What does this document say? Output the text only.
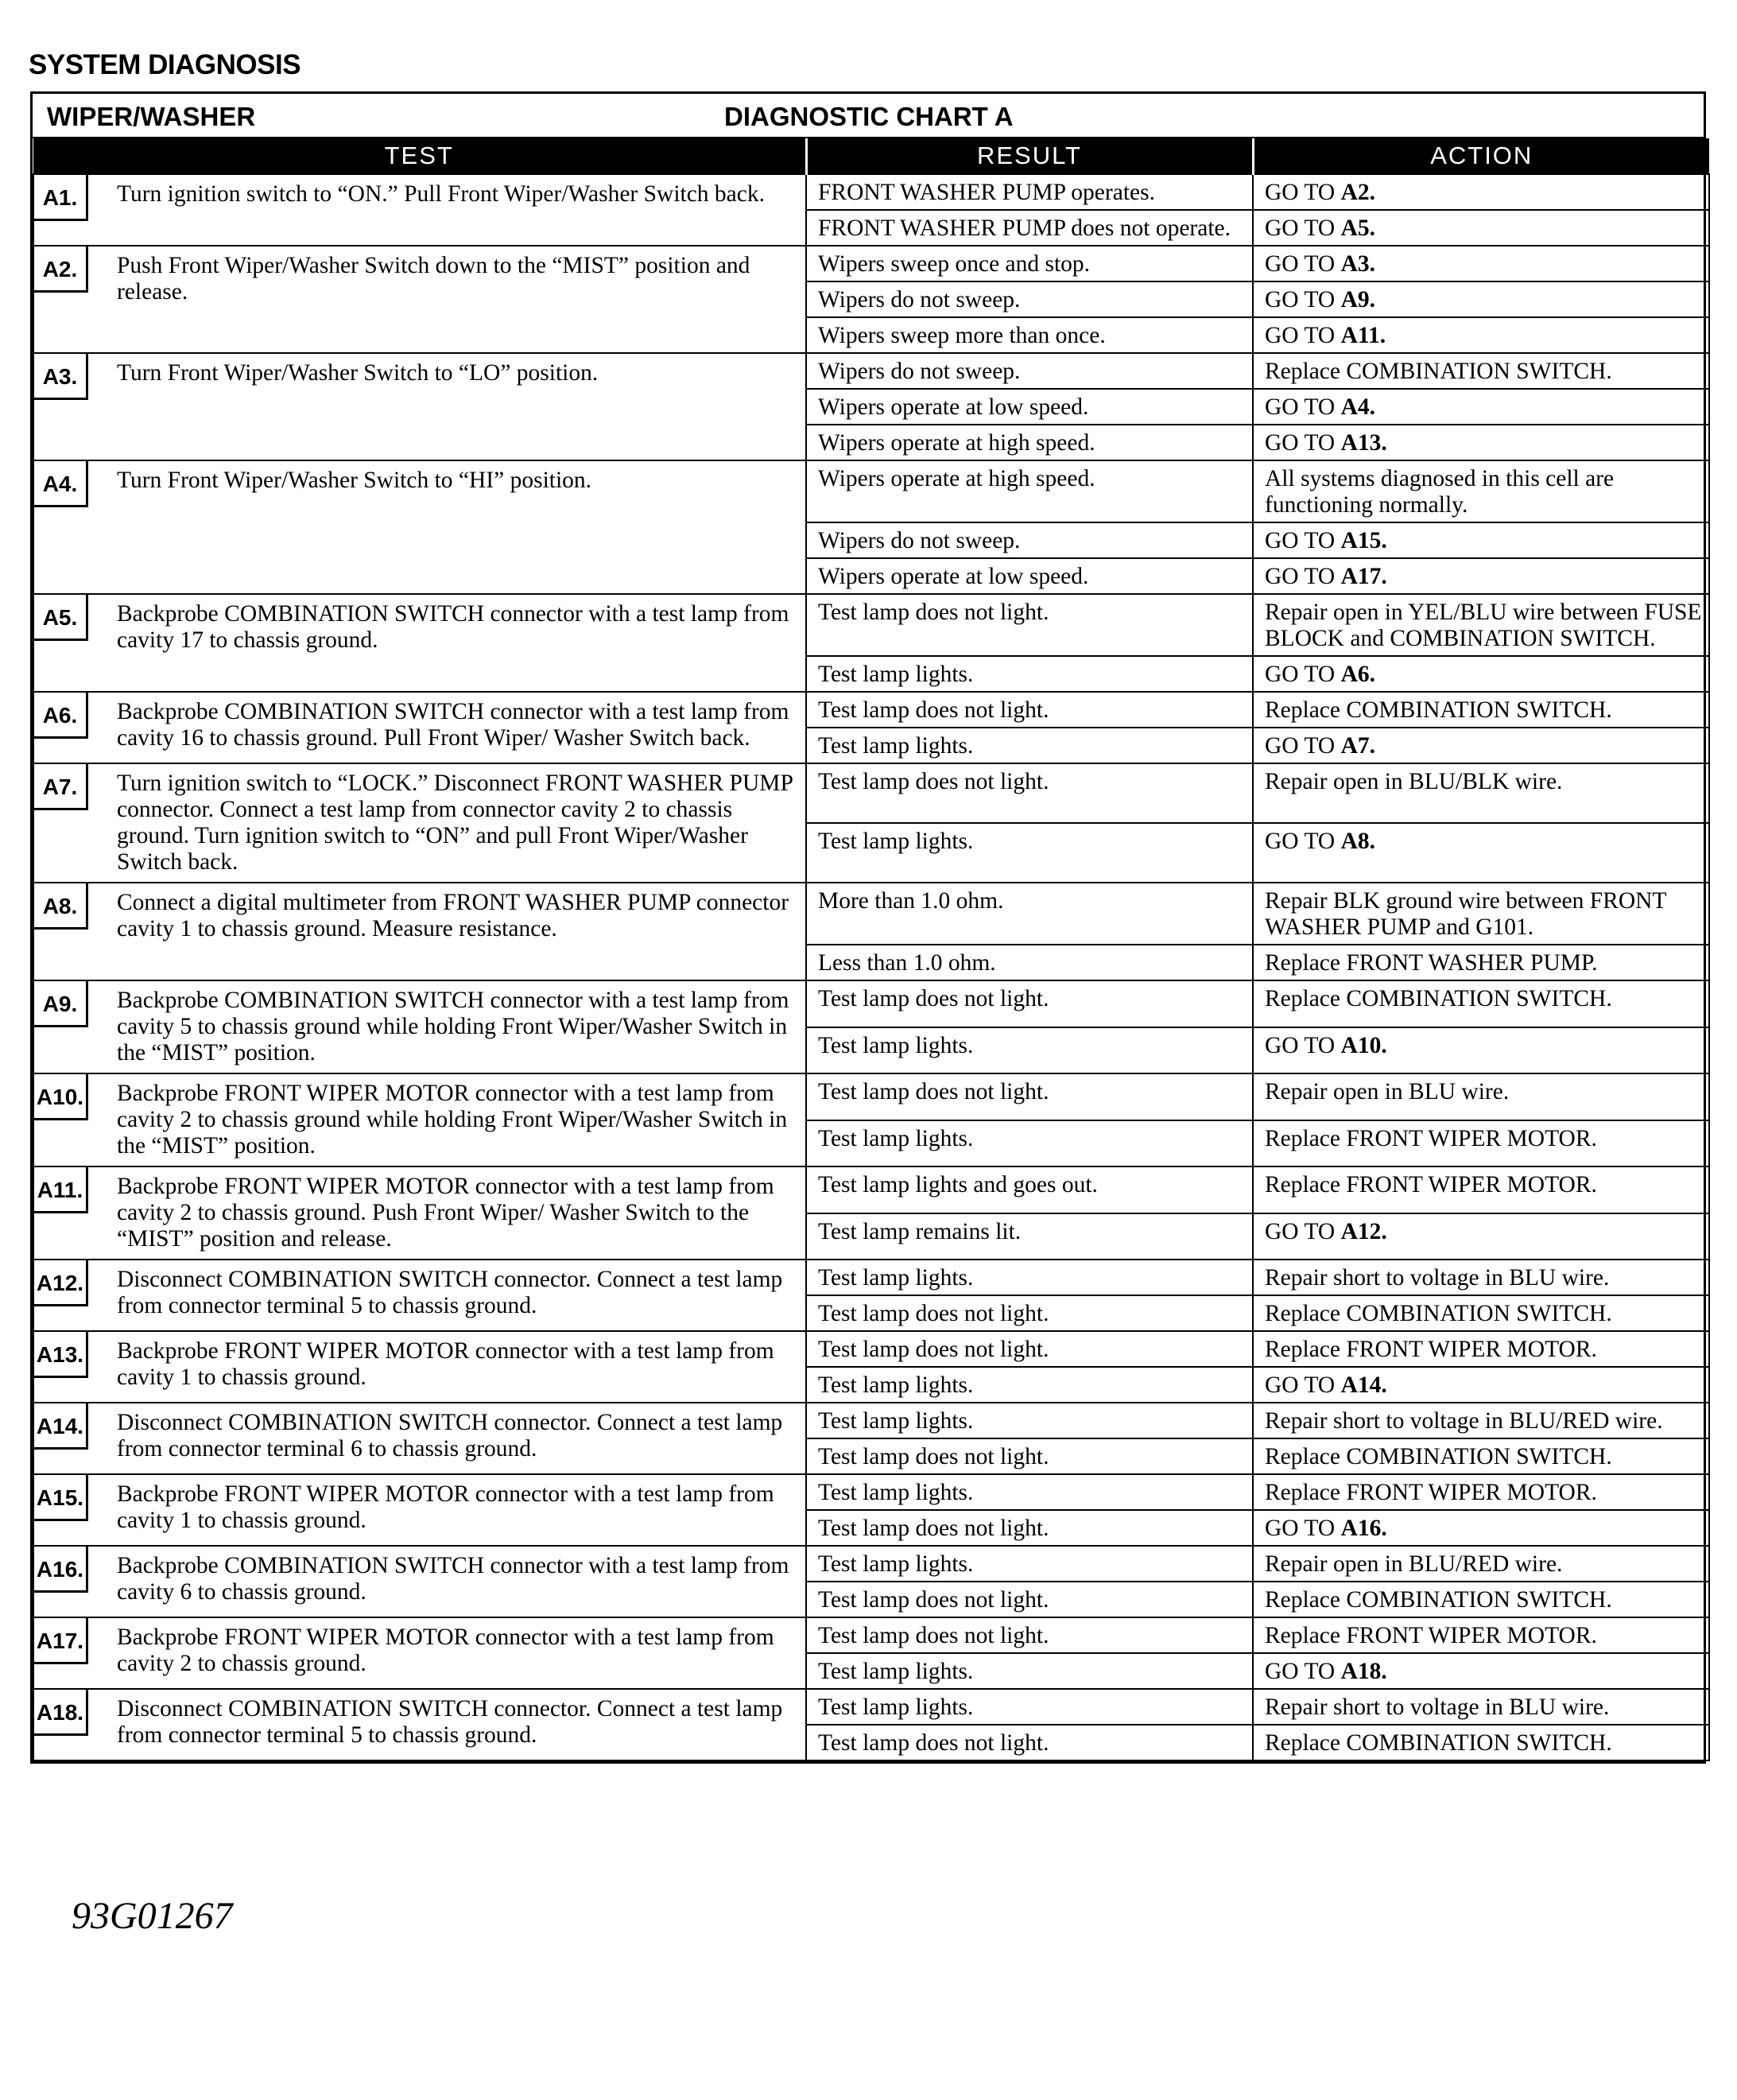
SYSTEM DIAGNOSIS
WIPER/WASHER	DIAGNOSTIC CHART A
TEST	RESULT	ACTION

A1. Turn ignition switch to “ON.” Pull Front Wiper/Washer Switch back.	FRONT WASHER PUMP operates.	GO TO A2.
	FRONT WASHER PUMP does not operate.	GO TO A5.

A2. Push Front Wiper/Washer Switch down to the “MIST” position and release.	Wipers sweep once and stop.	GO TO A3.
	Wipers do not sweep.	GO TO A9.
	Wipers sweep more than once.	GO TO A11.

A3. Turn Front Wiper/Washer Switch to “LO” position.	Wipers do not sweep.	Replace COMBINATION SWITCH.
	Wipers operate at low speed.	GO TO A4.
	Wipers operate at high speed.	GO TO A13.

A4. Turn Front Wiper/Washer Switch to “HI” position.	Wipers operate at high speed.	All systems diagnosed in this cell are functioning normally.
	Wipers do not sweep.	GO TO A15.
	Wipers operate at low speed.	GO TO A17.

A5. Backprobe COMBINATION SWITCH connector with a test lamp from cavity 17 to chassis ground.	Test lamp does not light.	Repair open in YEL/BLU wire between FUSE BLOCK and COMBINATION SWITCH.
	Test lamp lights.	GO TO A6.

A6. Backprobe COMBINATION SWITCH connector with a test lamp from cavity 16 to chassis ground. Pull Front Wiper/ Washer Switch back.	Test lamp does not light.	Replace COMBINATION SWITCH.
	Test lamp lights.	GO TO A7.

A7. Turn ignition switch to “LOCK.” Disconnect FRONT WASHER PUMP connector. Connect a test lamp from connector cavity 2 to chassis ground. Turn ignition switch to “ON” and pull Front Wiper/Washer Switch back.	Test lamp does not light.	Repair open in BLU/BLK wire.
	Test lamp lights.	GO TO A8.

A8. Connect a digital multimeter from FRONT WASHER PUMP connector cavity 1 to chassis ground. Measure resistance.	More than 1.0 ohm.	Repair BLK ground wire between FRONT WASHER PUMP and G101.
	Less than 1.0 ohm.	Replace FRONT WASHER PUMP.

A9. Backprobe COMBINATION SWITCH connector with a test lamp from cavity 5 to chassis ground while holding Front Wiper/Washer Switch in the “MIST” position.	Test lamp does not light.	Replace COMBINATION SWITCH.
	Test lamp lights.	GO TO A10.

A10. Backprobe FRONT WIPER MOTOR connector with a test lamp from cavity 2 to chassis ground while holding Front Wiper/Washer Switch in the “MIST” position.	Test lamp does not light.	Repair open in BLU wire.
	Test lamp lights.	Replace FRONT WIPER MOTOR.

A11. Backprobe FRONT WIPER MOTOR connector with a test lamp from cavity 2 to chassis ground. Push Front Wiper/ Washer Switch to the “MIST” position and release.	Test lamp lights and goes out.	Replace FRONT WIPER MOTOR.
	Test lamp remains lit.	GO TO A12.

A12. Disconnect COMBINATION SWITCH connector. Connect a test lamp from connector terminal 5 to chassis ground.	Test lamp lights.	Repair short to voltage in BLU wire.
	Test lamp does not light.	Replace COMBINATION SWITCH.

A13. Backprobe FRONT WIPER MOTOR connector with a test lamp from cavity 1 to chassis ground.	Test lamp does not light.	Replace FRONT WIPER MOTOR.
	Test lamp lights.	GO TO A14.

A14. Disconnect COMBINATION SWITCH connector. Connect a test lamp from connector terminal 6 to chassis ground.	Test lamp lights.	Repair short to voltage in BLU/RED wire.
	Test lamp does not light.	Replace COMBINATION SWITCH.

A15. Backprobe FRONT WIPER MOTOR connector with a test lamp from cavity 1 to chassis ground.	Test lamp lights.	Replace FRONT WIPER MOTOR.
	Test lamp does not light.	GO TO A16.

A16. Backprobe COMBINATION SWITCH connector with a test lamp from cavity 6 to chassis ground.	Test lamp lights.	Repair open in BLU/RED wire.
	Test lamp does not light.	Replace COMBINATION SWITCH.

A17. Backprobe FRONT WIPER MOTOR connector with a test lamp from cavity 2 to chassis ground.	Test lamp does not light.	Replace FRONT WIPER MOTOR.
	Test lamp lights.	GO TO A18.

A18. Disconnect COMBINATION SWITCH connector. Connect a test lamp from connector terminal 5 to chassis ground.	Test lamp lights.	Repair short to voltage in BLU wire.
	Test lamp does not light.	Replace COMBINATION SWITCH.
93G01267
